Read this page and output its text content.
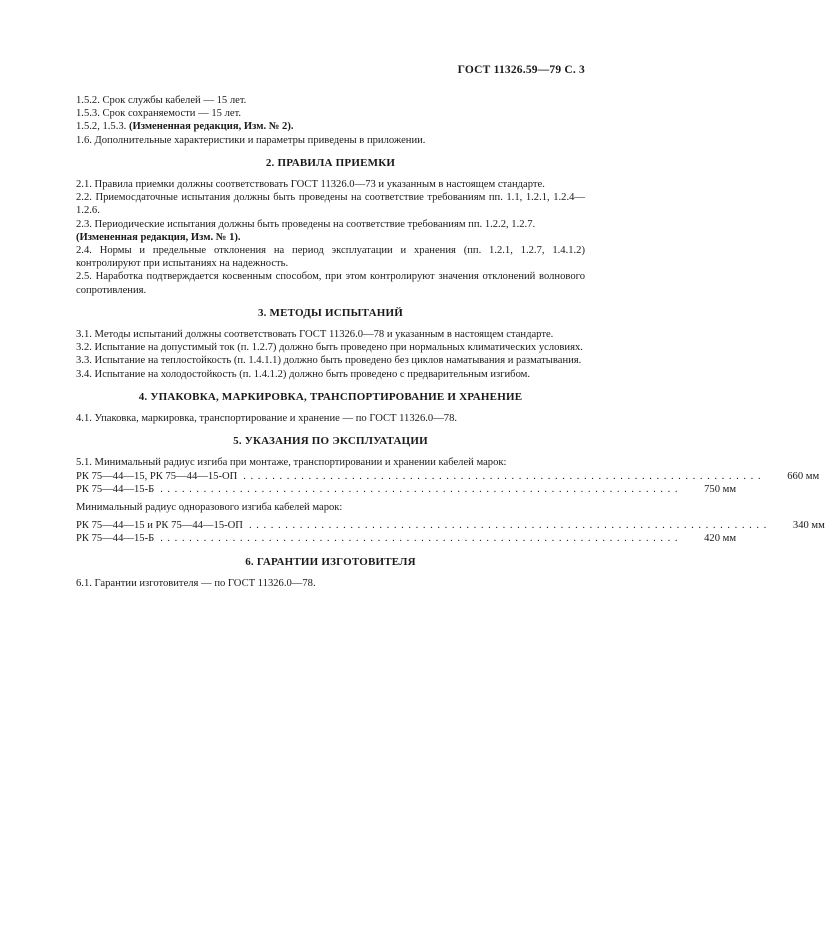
ГОСТ 11326.59—79 С. 3

1.5.2. Срок службы кабелей — 15 лет.

1.5.3. Срок сохраняемости — 15 лет.

1.5.2, 1.5.3. (Измененная редакция, Изм. № 2).

1.6. Дополнительные характеристики и параметры приведены в приложении.

2. ПРАВИЛА ПРИЕМКИ

2.1. Правила приемки должны соответствовать ГОСТ 11326.0—73 и указанным в настоящем стандарте.

2.2. Приемосдаточные испытания должны быть проведены на соответствие требованиям пп. 1.1, 1.2.1, 1.2.4—1.2.6.

2.3. Периодические испытания должны быть проведены на соответствие требованиям пп. 1.2.2, 1.2.7.

(Измененная редакция, Изм. № 1).

2.4. Нормы и предельные отклонения на период эксплуатации и хранения (пп. 1.2.1, 1.2.7, 1.4.1.2) контролируют при испытаниях на надежность.

2.5. Наработка подтверждается косвенным способом, при этом контролируют значения отклонений волнового сопротивления.

3. МЕТОДЫ ИСПЫТАНИЙ

3.1. Методы испытаний должны соответствовать ГОСТ 11326.0—78 и указанным в настоящем стандарте.

3.2. Испытание на допустимый ток (п. 1.2.7) должно быть проведено при нормальных климатических условиях.

3.3. Испытание на теплостойкость (п. 1.4.1.1) должно быть проведено без циклов наматывания и разматывания.

3.4. Испытание на холодостойкость (п. 1.4.1.2) должно быть проведено с предварительным изгибом.

4. УПАКОВКА, МАРКИРОВКА, ТРАНСПОРТИРОВАНИЕ И ХРАНЕНИЕ

4.1. Упаковка, маркировка, транспортирование и хранение — по ГОСТ 11326.0—78.

5. УКАЗАНИЯ ПО ЭКСПЛУАТАЦИИ

5.1. Минимальный радиус изгиба при монтаже, транспортировании и хранении кабелей марок:

РК 75—44—15, РК 75—44—15-ОП ........................................................................	660 мм
РК 75—44—15-Б ........................................................................	750 мм

Минимальный радиус одноразового изгиба кабелей марок:

РК 75—44—15 и РК 75—44—15-ОП ........................................................................	340 мм
РК 75—44—15-Б ........................................................................	420 мм
6. ГАРАНТИИ ИЗГОТОВИТЕЛЯ

6.1. Гарантии изготовителя — по ГОСТ 11326.0—78.
